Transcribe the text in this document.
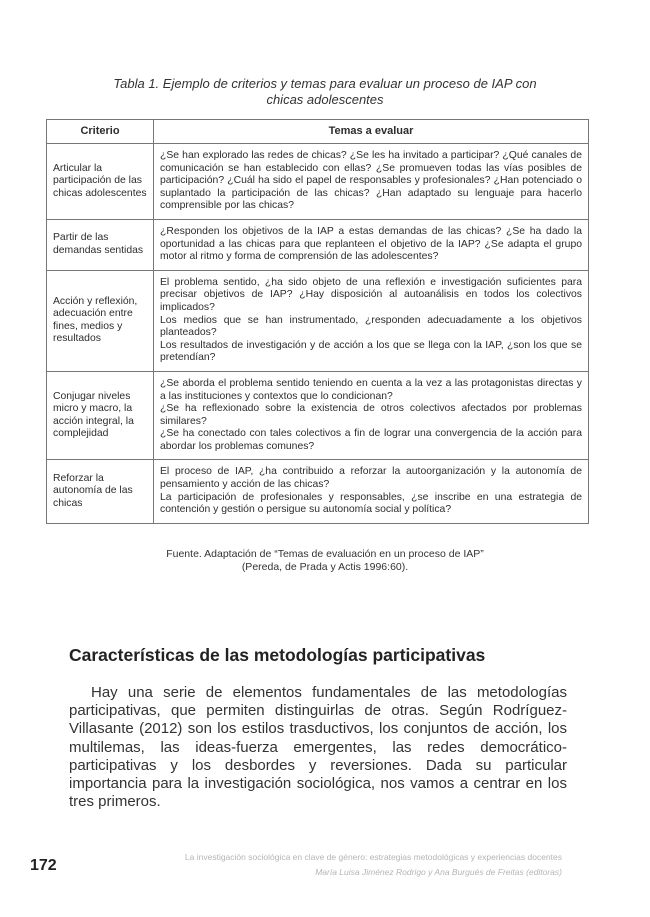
Tabla 1. Ejemplo de criterios y temas para evaluar un proceso de IAP con
chicas adolescentes
Criterio	Temas a evaluar
Articular la participación de las chicas adolescentes	¿Se han explorado las redes de chicas? ¿Se les ha invitado a participar? ¿Qué canales de comunicación se han establecido con ellas? ¿Se promueven todas las vías posibles de participación? ¿Cuál ha sido el papel de responsables y profesionales? ¿Han potenciado o suplantado la participación de las chicas? ¿Han adaptado su lenguaje para hacerlo comprensible por las chicas?

Partir de las demandas sentidas	¿Responden los objetivos de la IAP a estas demandas de las chicas? ¿Se ha dado la oportunidad a las chicas para que replanteen el objetivo de la IAP? ¿Se adapta el grupo motor al ritmo y forma de comprensión de las adolescentes?

Acción y reflexión, adecuación entre fines, medios y resultados	El problema sentido, ¿ha sido objeto de una reflexión e investigación suficientes para precisar objetivos de IAP? ¿Hay disposición al autoanálisis en todos los colectivos implicados?
Los medios que se han instrumentado, ¿responden adecuadamente a los objetivos planteados?
Los resultados de investigación y de acción a los que se llega con la IAP, ¿son los que se pretendían?

Conjugar niveles micro y macro, la acción integral, la complejidad	¿Se aborda el problema sentido teniendo en cuenta a la vez a las protagonistas directas y a las instituciones y contextos que lo condicionan?
¿Se ha reflexionado sobre la existencia de otros colectivos afectados por problemas similares?
¿Se ha conectado con tales colectivos a fin de lograr una convergencia de la acción para abordar los problemas comunes?

Reforzar la autonomía de las chicas	El proceso de IAP, ¿ha contribuido a reforzar la autoorganización y la autonomía de pensamiento y acción de las chicas?
La participación de profesionales y responsables, ¿se inscribe en una estrategia de contención y gestión o persigue su autonomía social y política?
Fuente. Adaptación de “Temas de evaluación en un proceso de IAP”
(Pereda, de Prada y Actis 1996:60).
Características de las metodologías participativas

Hay una serie de elementos fundamentales de las metodologías participativas, que permiten distinguirlas de otras. Según Rodríguez-Villasante (2012) son los estilos trasductivos, los conjuntos de acción, los multilemas, las ideas-fuerza emergentes, las redes democrático-participativas y los desbordes y reversiones. Dada su particular importancia para la investigación sociológica, nos vamos a centrar en los tres primeros.

172	La investigación sociológica en clave de género: estrategias metodológicas y experiencias docentes
María Luisa Jiménez Rodrigo y Ana Burgués de Freitas (editoras)
